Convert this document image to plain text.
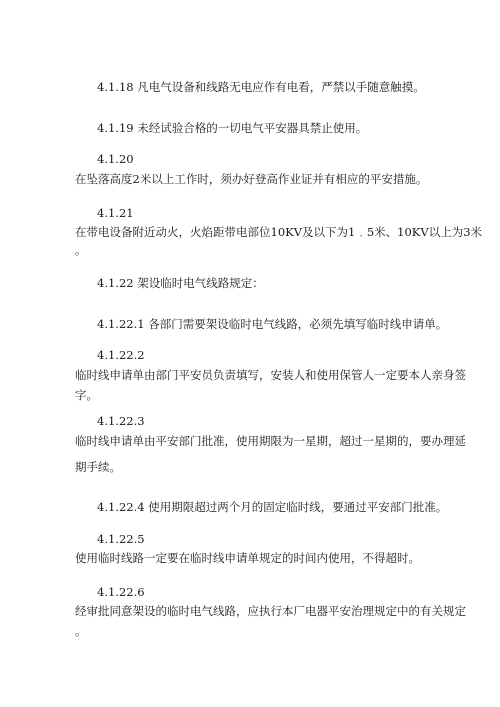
4.1.18 凡电气设备和线路无电应作有电看，严禁以手随意触摸。
4.1.19 未经试验合格的一切电气平安器具禁止使用。
4.1.20
在坠落高度2米以上工作时，须办好登高作业证并有相应的平安措施。
4.1.21
在带电设备附近动火，火焰距带电部位10KV及以下为1﹒5米、10KV以上为3米
。
4.1.22 架设临时电气线路规定：
4.1.22.1 各部门需要架设临时电气线路，必须先填写临时线申请单。
4.1.22.2
临时线申请单由部门平安员负责填写，安装人和使用保管人一定要本人亲身签
字。
4.1.22.3
临时线申请单由平安部门批准，使用期限为一星期，超过一星期的，要办理延
期手续。
4.1.22.4 使用期限超过两个月的固定临时线，要通过平安部门批准。
4.1.22.5
使用临时线路一定要在临时线申请单规定的时间内使用，不得超时。
4.1.22.6
经审批同意架设的临时电气线路，应执行本厂电器平安治理规定中的有关规定
。
